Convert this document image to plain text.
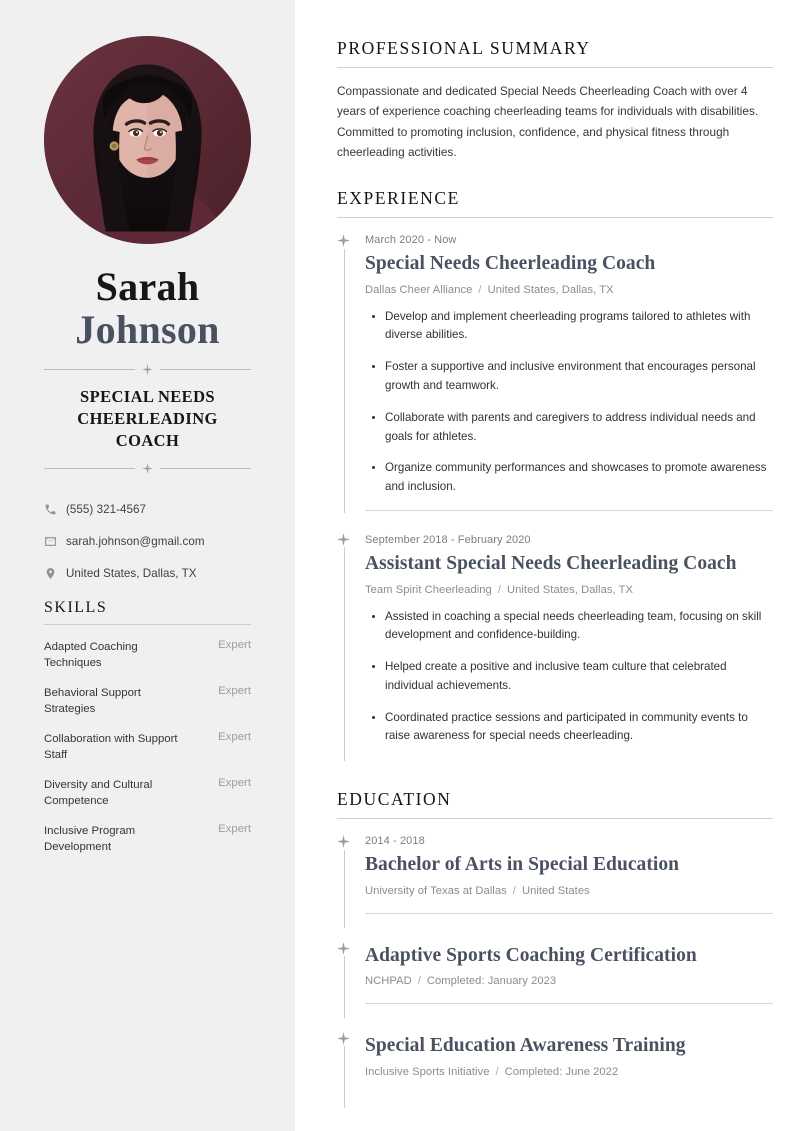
Sarah
Johnson
SPECIAL NEEDS CHEERLEADING COACH
(555) 321-4567
sarah.johnson@gmail.com
United States, Dallas, TX
SKILLS
Adapted Coaching Techniques
Expert
Behavioral Support Strategies
Expert
Collaboration with Support Staff
Expert
Diversity and Cultural Competence
Expert
Inclusive Program Development
Expert
PROFESSIONAL SUMMARY

Compassionate and dedicated Special Needs Cheerleading Coach with over 4 years of experience coaching cheerleading teams for individuals with disabilities. Committed to promoting inclusion, confidence, and physical fitness through cheerleading activities.

EXPERIENCE
March 2020 - Now
Special Needs Cheerleading Coach
Dallas Cheer Alliance / United States, Dallas, TX
Develop and implement cheerleading programs tailored to athletes with diverse abilities.
Foster a supportive and inclusive environment that encourages personal growth and teamwork.
Collaborate with parents and caregivers to address individual needs and goals for athletes.
Organize community performances and showcases to promote awareness and inclusion.
September 2018 - February 2020
Assistant Special Needs Cheerleading Coach
Team Spirit Cheerleading / United States, Dallas, TX
Assisted in coaching a special needs cheerleading team, focusing on skill development and confidence-building.
Helped create a positive and inclusive team culture that celebrated individual achievements.
Coordinated practice sessions and participated in community events to raise awareness for special needs cheerleading.
EDUCATION
2014 - 2018
Bachelor of Arts in Special Education
University of Texas at Dallas / United States
Adaptive Sports Coaching Certification
NCHPAD / Completed: January 2023
Special Education Awareness Training
Inclusive Sports Initiative / Completed: June 2022
